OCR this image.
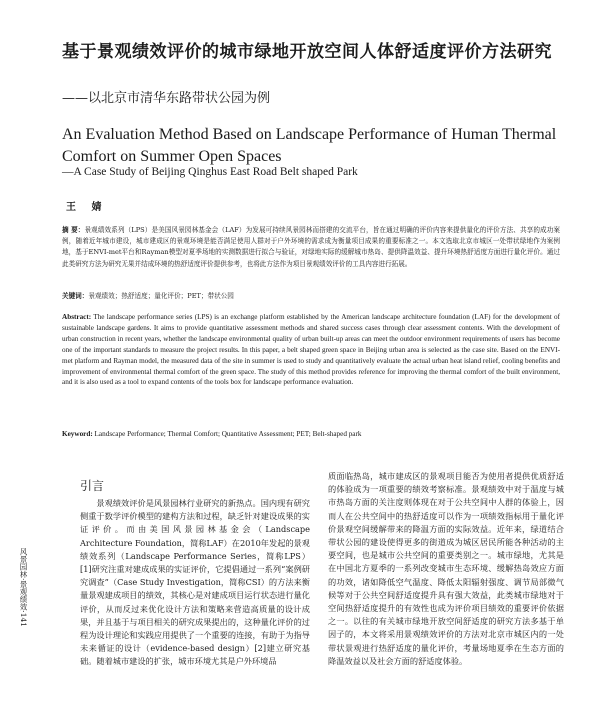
基于景观绩效评价的城市绿地开放空间人体舒适度评价方法研究
——以北京市清华东路带状公园为例
An Evaluation Method Based on Landscape Performance of Human Thermal Comfort on Summer Open Spaces
—A Case Study of Beijing Qinghus East Road Belt shaped Park
王 婧
摘 要：景观绩效系列（LPS）是美国风景园林基金会（LAF）为发展可持续风景园林而搭建的交流平台，旨在通过明确的评价内容来提供量化的评价方法、共享的成功案例，随着近年城市建设，城市建成区的景观环境是能否满足使用人群对于户外环境的需求成为衡量项目成果的重要标准之一。本文选取北京市城区一处带状绿地作为案例地，基于ENVI-met平台和Rayman模型对夏季场地的实测数据进行拟合与验证，对绿地实际的缓解城市热岛、提供降温效益、提升环境热舒适度方面进行量化评价。通过此类研究方法为研究无果并结成环境的热舒适度评价提供参考，也将此方法作为项目景观绩效评价的工具内容进行拓展。
关键词：景观绩效；热舒适度；量化评价；PET；带状公园
Abstract: The landscape performance series (LPS) is an exchange platform established by the American landscape architecture foundation (LAF) for the development of sustainable landscape gardens. It aims to provide quantitative assessment methods and shared success cases through clear assessment contents. With the development of urban construction in recent years, whether the landscape environmental quality of urban built-up areas can meet the outdoor environment requirements of users has become one of the important standards to measure the project results. In this paper, a belt shaped green space in Beijing urban area is selected as the case site. Based on the ENVI-met platform and Rayman model, the measured data of the site in summer is used to study and quantitatively evaluate the actual urban heat island relief, cooling benefits and improvement of environmental thermal comfort of the green space. The study of this method provides reference for improving the thermal comfort of the built environment, and it is also used as a tool to expand contents of the tools box for landscape performance evaluation.
Keyword: Landscape Performance; Thermal Comfort; Quantitative Assessment; PET; Belt-shaped park
引言
景观绩效评价是风景园林行业研究的新热点。国内现有研究侧重于数学评价模型的建构方法和过程，缺乏针对建设成果的实证评价。而由美国风景园林基金会（Landscape Architecture Foundation，简称LAF）在2010年发起的景观绩效系列（Landscape Performance Series，简称LPS）[1]研究注重对建成成果的实证评价，它提倡通过一系列“案例研究调查”（Case Study Investigation，简称CSI）的方法来衡量景观建成项目的绩效，其核心是对建成项目运行状态进行量化评价，从而反过来优化设计方法和策略来营造高质量的设计成果，并且基于与项目相关的研究成果提出的，这种量化评价的过程为设计理论和实践应用提供了一个重要的连接，有助于为指导未来循证的设计（evidence-based design）[2]建立研究基础。随着城市建设的扩张，城市环境尤其是户外环境品
质面临热岛，城市建成区的景观项目能否为使用者提供优质舒适的体验成为一项重要的绩效考察标准。景观绩效中对于温度与城市热岛方面的关注度则体现在对于公共空间中人群的体验上，因而人在公共空间中的热舒适度可以作为一项绩效指标用于量化评价景观空间缓解带来的降温方面的实际效益。近年来，绿道结合带状公园的建设使得更多的街道成为城区居民所能各种活动的主要空间，也是城市公共空间的重要类别之一。城市绿地，尤其是在中国北方夏季的一系列改变城市生态环境、缓解热岛效应方面的功效，诸如降低空气温度、降低太阳辐射强度、调节局部微气候等对于公共空间舒适度提升具有强大效益，此类城市绿地对于空间热舒适度提升的有效性也成为评价项目绩效的重要评价依据之一。以往的有关城市绿地开放空间舒适度的研究方法多基于单因子的，本文将采用景观绩效评价的方法对北京市城区内的一处带状景观进行热舒适度的量化评价，考量场地夏季在生态方面的降温效益以及社会方面的舒适度体验。
风景园林·景观绩效·141
